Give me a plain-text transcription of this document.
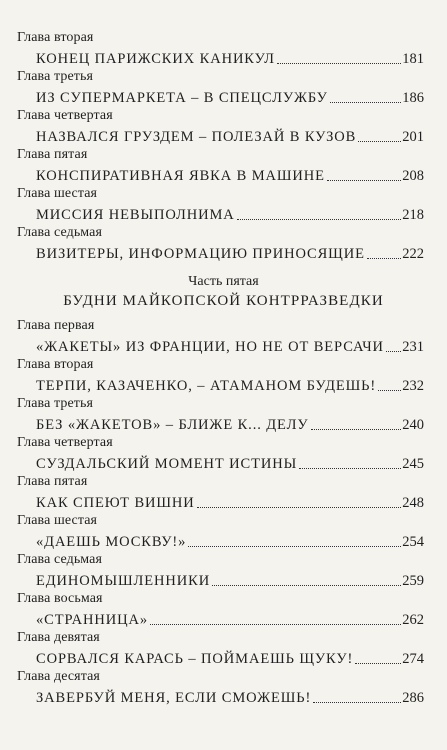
Глава вторая
КОНЕЦ ПАРИЖСКИХ КАНИКУЛ	181
Глава третья
ИЗ СУПЕРМАРКЕТА – В СПЕЦСЛУЖБУ	186
Глава четвертая
НАЗВАЛСЯ ГРУЗДЕМ – ПОЛЕЗАЙ В КУЗОВ	201
Глава пятая
КОНСПИРАТИВНАЯ ЯВКА В МАШИНЕ	208
Глава шестая
МИССИЯ НЕВЫПОЛНИМА	218
Глава седьмая
ВИЗИТЕРЫ, ИНФОРМАЦИЮ ПРИНОСЯЩИЕ	222
Часть пятая
БУДНИ МАЙКОПСКОЙ КОНТРРАЗВЕДКИ
Глава первая
«ЖАКЕТЫ» ИЗ ФРАНЦИИ, НО НЕ ОТ ВЕРСАЧИ 231
Глава вторая
ТЕРПИ, КАЗАЧЕНКО, – АТАМАНОМ БУДЕШЬ! 232
Глава третья
БЕЗ «ЖАКЕТОВ» – БЛИЖЕ К... ДЕЛУ	240
Глава четвертая
СУЗДАЛЬСКИЙ МОМЕНТ ИСТИНЫ	245
Глава пятая
КАК СПЕЮТ ВИШНИ	248
Глава шестая
«ДАЕШЬ МОСКВУ!»	254
Глава седьмая
ЕДИНОМЫШЛЕННИКИ	259
Глава восьмая
«СТРАННИЦА»	262
Глава девятая
СОРВАЛСЯ КАРАСЬ – ПОЙМАЕШЬ ЩУКУ!	274
Глава десятая
ЗАВЕРБУЙ МЕНЯ, ЕСЛИ СМОЖЕШЬ!	286
